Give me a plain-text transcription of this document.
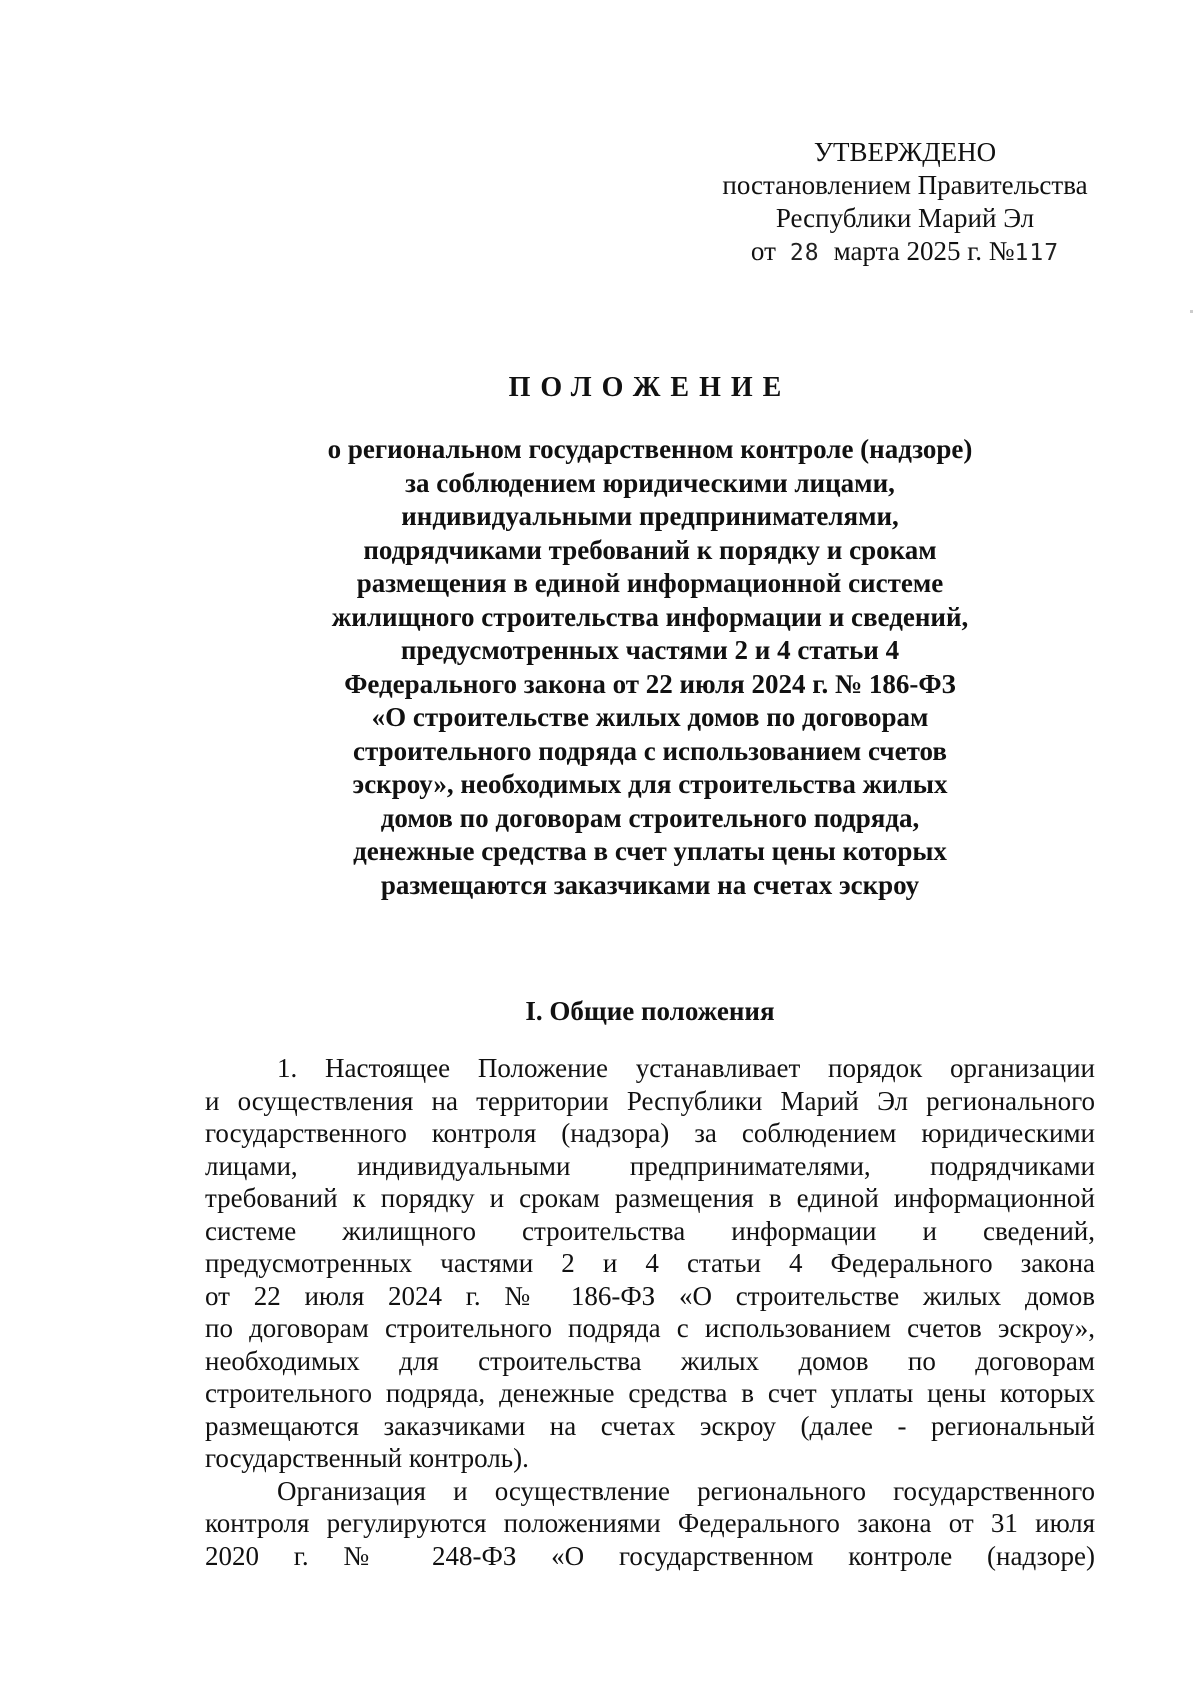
УТВЕРЖДЕНО
постановлением Правительства
Республики Марий Эл
от 28 марта 2025 г. №117
ПОЛОЖЕНИЕ
о региональном государственном контроле (надзоре)
за соблюдением юридическими лицами,
индивидуальными предпринимателями,
подрядчиками требований к порядку и срокам
размещения в единой информационной системе
жилищного строительства информации и сведений,
предусмотренных частями 2 и 4 статьи 4
Федерального закона от 22 июля 2024 г. № 186-ФЗ
«О строительстве жилых домов по договорам
строительного подряда с использованием счетов
эскроу», необходимых для строительства жилых
домов по договорам строительного подряда,
денежные средства в счет уплаты цены которых
размещаются заказчиками на счетах эскроу
I. Общие положения
1. Настоящее Положение устанавливает порядок организации
и осуществления на территории Республики Марий Эл регионального
государственного контроля (надзора) за соблюдением юридическими
лицами, индивидуальными предпринимателями, подрядчиками
требований к порядку и срокам размещения в единой информационной
системе жилищного строительства информации и сведений,
предусмотренных частями 2 и 4 статьи 4 Федерального закона
от 22 июля 2024 г. № 186-ФЗ «О строительстве жилых домов
по договорам строительного подряда с использованием счетов эскроу»,
необходимых для строительства жилых домов по договорам
строительного подряда, денежные средства в счет уплаты цены которых
размещаются заказчиками на счетах эскроу (далее - региональный
государственный контроль).
Организация и осуществление регионального государственного
контроля регулируются положениями Федерального закона от 31 июля
2020 г. № 248-ФЗ «О государственном контроле (надзоре)
